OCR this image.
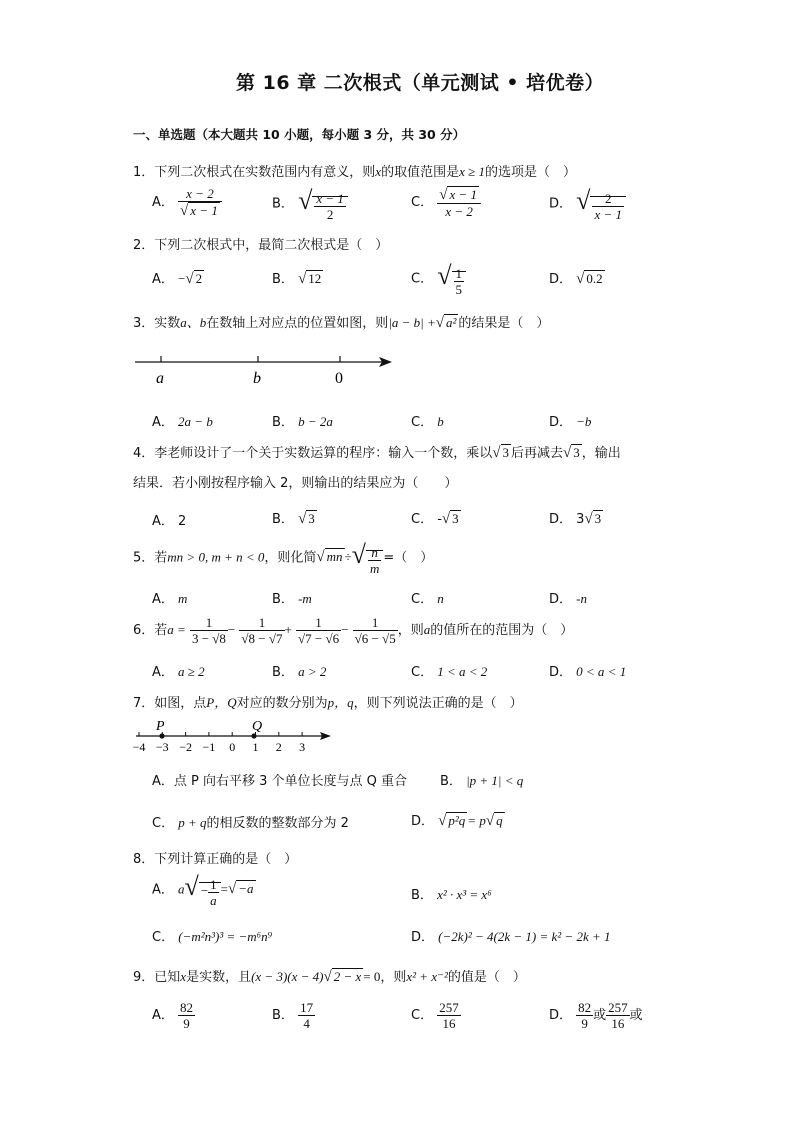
第 16 章 二次根式（单元测试 • 培优卷）
一、单选题（本大题共 10 小题，每小题 3 分，共 30 分）
1．下列二次根式在实数范围内有意义，则x的取值范围是x ≥ 1的选项是（　）
A． $\frac{x - 2}{√ x - 1}$	B． √ $\frac{x - 1}{2}$	C． $\frac{√ x - 1}{x - 2}$	D． √ $\frac{2}{x - 1}$
2．下列二次根式中，最简二次根式是（　）
A． −√ 2	B． √ 12	C． √ $\frac{1}{5}$	D． √ 0.2
3．实数a、b在数轴上对应点的位置如图，则|a − b| +√ a² 的结果是（　）
a	b	0
A． 2a − b	B． b − 2a	C． b	D． −b
4．李老师设计了一个关于实数运算的程序：输入一个数，乘以√ 3 后再减去√ 3 ，输出
结果．若小刚按程序输入 2，则输出的结果应为（　　）
A． 2	B． √ 3	C． -√ 3	D． 3√ 3
5．若mn > 0, m + n < 0，则化简√ mn ÷√ $\frac{n}{m}$ =（　）
A． m	B． -m	C． n	D． -n
6．若$a = \frac{1}{3 - √8} - \frac{1}{√8 - √7} + \frac{1}{√7 - √6} - \frac{1}{√6 - √5}$ ，则a的值所在的范围为（　）
A． a ≥ 2	B． a > 2	C． 1 < a < 2	D． 0 < a < 1
7．如图，点P，Q对应的数分别为p，q，则下列说法正确的是（　）
−4 −3 −2 −1 0 1 2 3
P	Q
A．点 P 向右平移 3 个单位长度与点 Q 重合	B． |p + 1| < q
C． p + q的相反数的整数部分为 2	D． √ p²q = p√ q
8．下列计算正确的是（　）
A． $a√ - \frac{1}{a}$ =√ −a	B． x² · x³ = x⁶
C． (−m²n³)³ = −m⁶n⁹	D． (−2k)² − 4(2k − 1) = k² − 2k + 1
9．已知x是实数，且(x − 3)(x − 4)√ 2 − x = 0，则x² + x⁻²的值是（　）
A． $\frac{82}{9}$	B． $\frac{17}{4}$	C． $\frac{257}{16}$	D． $\frac{82}{9}$ 或 $\frac{257}{16}$ 或
